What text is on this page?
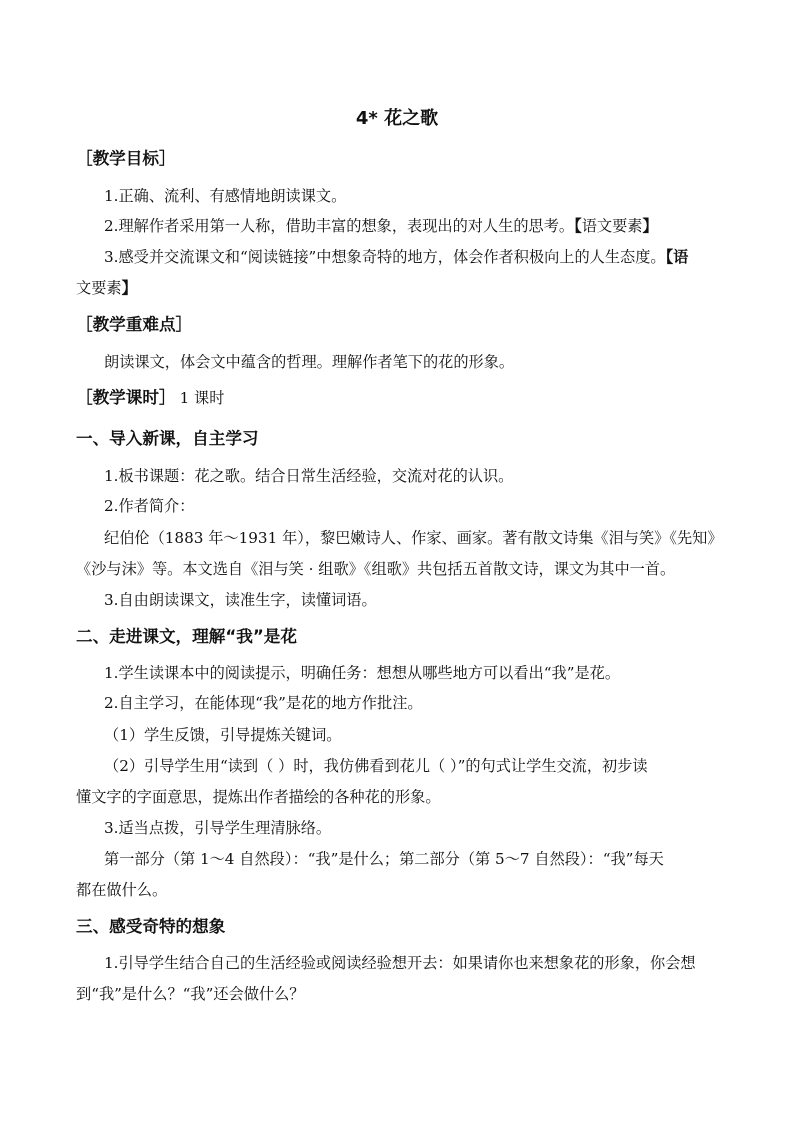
4* 花之歌
［教学目标］
1.正确、流利、有感情地朗读课文。
2.理解作者采用第一人称，借助丰富的想象，表现出的对人生的思考。【语文要素】
3.感受并交流课文和“阅读链接”中想象奇特的地方，体会作者积极向上的人生态度。【语
文要素】
［教学重难点］
朗读课文，体会文中蕴含的哲理。理解作者笔下的花的形象。
［教学课时］ 1 课时
一、导入新课，自主学习
1.板书课题：花之歌。结合日常生活经验，交流对花的认识。
2.作者简介：
纪伯伦（1883 年～1931 年），黎巴嫩诗人、作家、画家。著有散文诗集《泪与笑》《先知》
《沙与沫》等。本文选自《泪与笑 · 组歌》《组歌》共包括五首散文诗，课文为其中一首。
3.自由朗读课文，读准生字，读懂词语。
二、走进课文，理解“我”是花
1.学生读课本中的阅读提示，明确任务：想想从哪些地方可以看出“我”是花。
2.自主学习，在能体现“我”是花的地方作批注。
（1）学生反馈，引导提炼关键词。
（2）引导学生用“读到（ ）时，我仿佛看到花儿（ ）”的句式让学生交流，初步读
懂文字的字面意思，提炼出作者描绘的各种花的形象。
3.适当点拨，引导学生理清脉络。
第一部分（第 1～4 自然段）：“我”是什么；第二部分（第 5～7 自然段）：“我”每天
都在做什么。
三、感受奇特的想象
1.引导学生结合自己的生活经验或阅读经验想开去：如果请你也来想象花的形象，你会想
到“我”是什么？“我”还会做什么？
